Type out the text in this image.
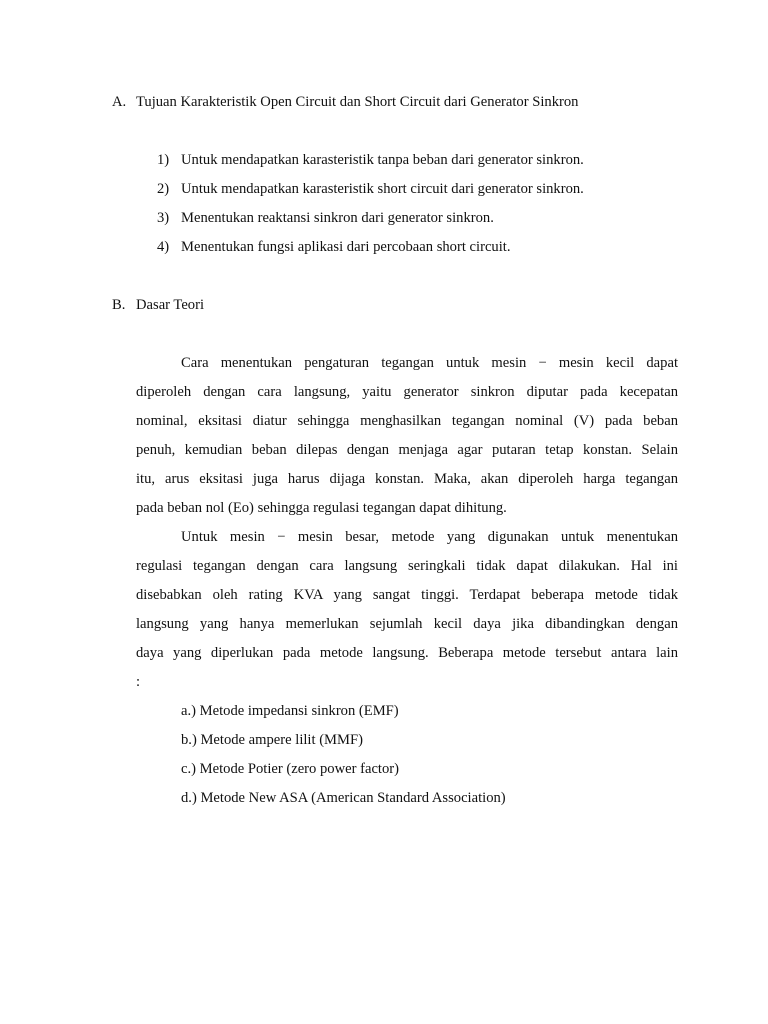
A. Tujuan Karakteristik Open Circuit dan Short Circuit dari Generator Sinkron
1) Untuk mendapatkan karasteristik tanpa beban dari generator sinkron.
2) Untuk mendapatkan karasteristik short circuit dari generator sinkron.
3) Menentukan reaktansi sinkron dari generator sinkron.
4) Menentukan fungsi aplikasi dari percobaan short circuit.
B. Dasar Teori
Cara menentukan pengaturan tegangan untuk mesin − mesin kecil dapat
diperoleh dengan cara langsung, yaitu generator sinkron diputar pada kecepatan
nominal, eksitasi diatur sehingga menghasilkan tegangan nominal (V) pada beban
penuh, kemudian beban dilepas dengan menjaga agar putaran tetap konstan. Selain
itu, arus eksitasi juga harus dijaga konstan. Maka, akan diperoleh harga tegangan
pada beban nol (Eo) sehingga regulasi tegangan dapat dihitung.
Untuk mesin − mesin besar, metode yang digunakan untuk menentukan
regulasi tegangan dengan cara langsung seringkali tidak dapat dilakukan. Hal ini
disebabkan oleh rating KVA yang sangat tinggi. Terdapat beberapa metode tidak
langsung yang hanya memerlukan sejumlah kecil daya jika dibandingkan dengan
daya yang diperlukan pada metode langsung. Beberapa metode tersebut antara lain
:
a.) Metode impedansi sinkron (EMF)
b.) Metode ampere lilit (MMF)
c.) Metode Potier (zero power factor)
d.) Metode New ASA (American Standard Association)
